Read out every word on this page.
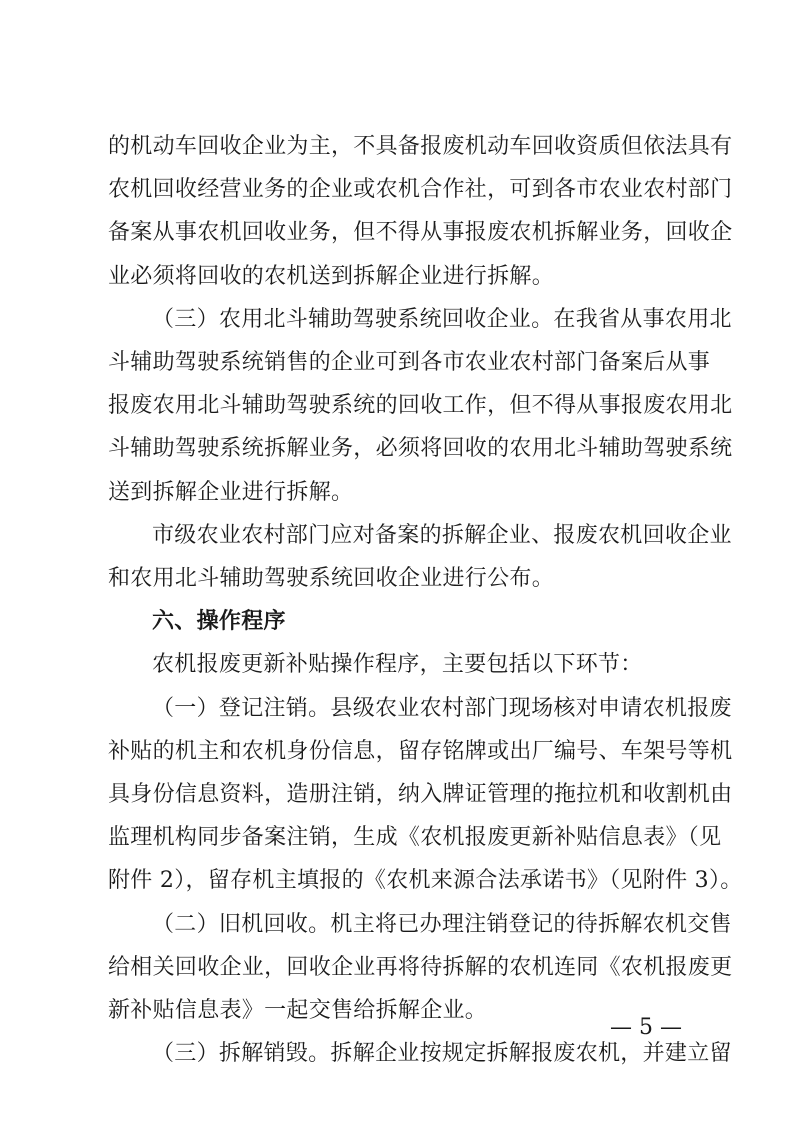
的机动车回收企业为主，不具备报废机动车回收资质但依法具有
农机回收经营业务的企业或农机合作社，可到各市农业农村部门
备案从事农机回收业务，但不得从事报废农机拆解业务，回收企
业必须将回收的农机送到拆解企业进行拆解。
（三）农用北斗辅助驾驶系统回收企业。在我省从事农用北
斗辅助驾驶系统销售的企业可到各市农业农村部门备案后从事
报废农用北斗辅助驾驶系统的回收工作，但不得从事报废农用北
斗辅助驾驶系统拆解业务，必须将回收的农用北斗辅助驾驶系统
送到拆解企业进行拆解。
市级农业农村部门应对备案的拆解企业、报废农机回收企业
和农用北斗辅助驾驶系统回收企业进行公布。
六、操作程序
农机报废更新补贴操作程序，主要包括以下环节：
（一）登记注销。县级农业农村部门现场核对申请农机报废
补贴的机主和农机身份信息，留存铭牌或出厂编号、车架号等机
具身份信息资料，造册注销，纳入牌证管理的拖拉机和收割机由
监理机构同步备案注销，生成《农机报废更新补贴信息表》（见
附件 2），留存机主填报的《农机来源合法承诺书》（见附件 3）。
（二）旧机回收。机主将已办理注销登记的待拆解农机交售
给相关回收企业，回收企业再将待拆解的农机连同《农机报废更
新补贴信息表》一起交售给拆解企业。
（三）拆解销毁。拆解企业按规定拆解报废农机，并建立留
— 5 —
